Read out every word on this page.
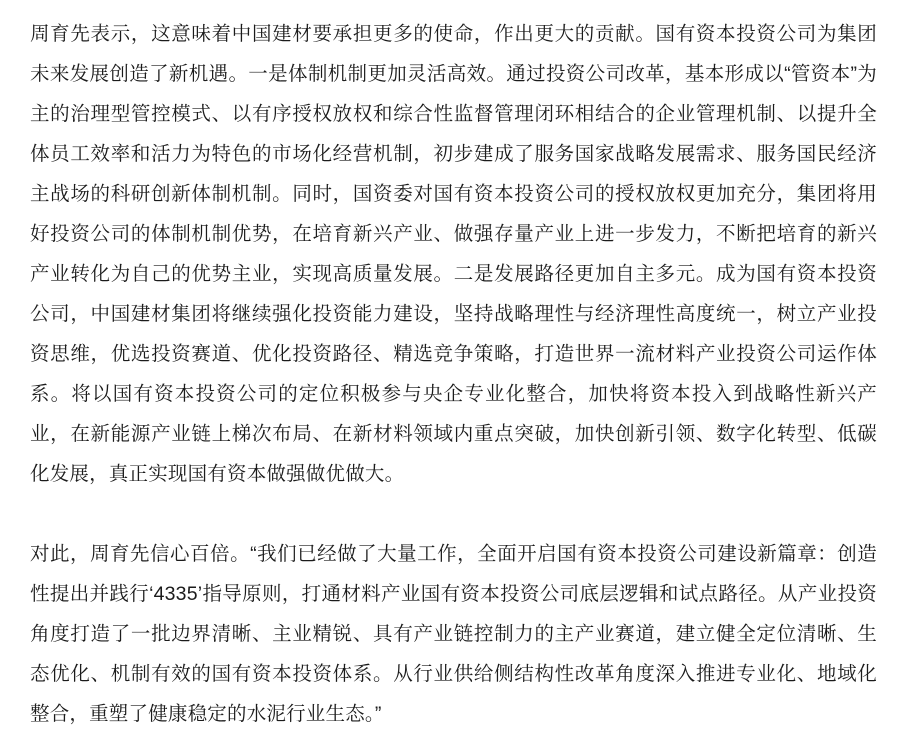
周育先表示，这意味着中国建材要承担更多的使命，作出更大的贡献。国有资本投资公司为集团未来发展创造了新机遇。一是体制机制更加灵活高效。通过投资公司改革，基本形成以“管资本”为主的治理型管控模式、以有序授权放权和综合性监督管理闭环相结合的企业管理机制、以提升全体员工效率和活力为特色的市场化经营机制，初步建成了服务国家战略发展需求、服务国民经济主战场的科研创新体制机制。同时，国资委对国有资本投资公司的授权放权更加充分，集团将用好投资公司的体制机制优势，在培育新兴产业、做强存量产业上进一步发力，不断把培育的新兴产业转化为自己的优势主业，实现高质量发展。二是发展路径更加自主多元。成为国有资本投资公司，中国建材集团将继续强化投资能力建设，坚持战略理性与经济理性高度统一，树立产业投资思维，优选投资赛道、优化投资路径、精选竞争策略，打造世界一流材料产业投资公司运作体系。将以国有资本投资公司的定位积极参与央企专业化整合，加快将资本投入到战略性新兴产业，在新能源产业链上梯次布局、在新材料领域内重点突破，加快创新引领、数字化转型、低碳化发展，真正实现国有资本做强做优做大。

对此，周育先信心百倍。“我们已经做了大量工作，全面开启国有资本投资公司建设新篇章：创造性提出并践行‘4335’指导原则，打通材料产业国有资本投资公司底层逻辑和试点路径。从产业投资角度打造了一批边界清晰、主业精锐、具有产业链控制力的主产业赛道，建立健全定位清晰、生态优化、机制有效的国有资本投资体系。从行业供给侧结构性改革角度深入推进专业化、地域化整合，重塑了健康稳定的水泥行业生态。”
